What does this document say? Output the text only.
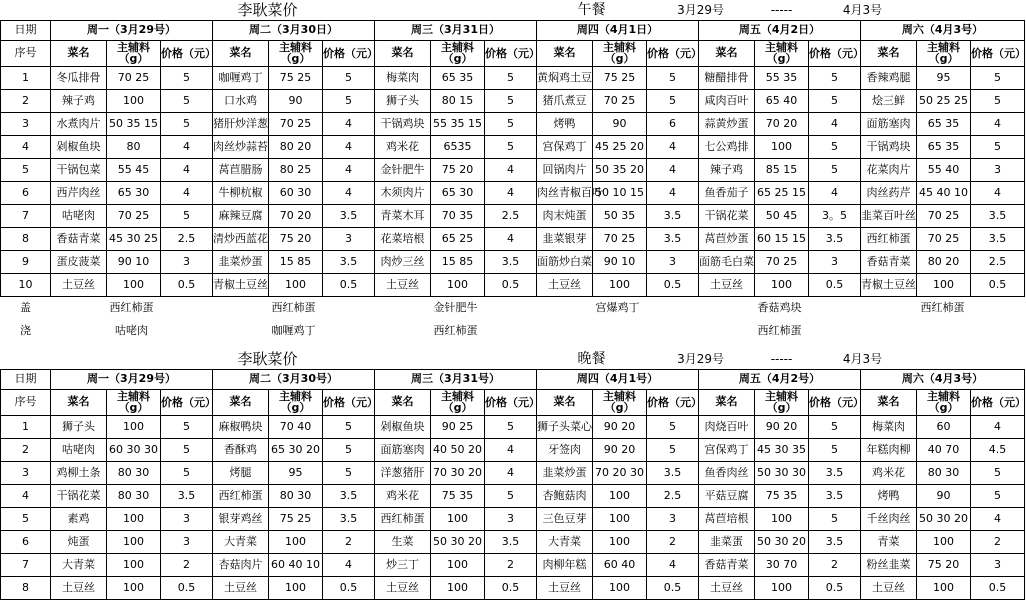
			李耿菜价							午餐		3月29号		-----	4月3号			
日期	周一（3月29号）			周二（3月30日）			周三（3月31日）			周四（4月1日）			周五（4月2日）			周六（4月3号）		
序号	菜名	主辅料（g）	价格（元）	菜名	主辅料（g）	价格（元）	菜名	主辅料（g）	价格（元）	菜名	主辅料（g）	价格（元）	菜名	主辅料（g）	价格（元）	菜名	主辅料（g）	价格（元）
1	冬瓜排骨	70 25	5	咖喱鸡丁	75 25	5	梅菜肉	65 35	5	黄焖鸡土豆	75 25	5	糖醋排骨	55 35	5	香辣鸡腿	95	5
2	辣子鸡	100	5	口水鸡	90	5	狮子头	80 15	5	猪爪煮豆	70 25	5	咸肉百叶	65 40	5	烩三鲜	50 25 25	5
3	水煮肉片	50 35 15	5	猪肝炒洋葱	70 25	4	干锅鸡块	55 35 15	5	烤鸭	90	6	蒜黄炒蛋	70 20	4	面筋塞肉	65 35	4
4	剁椒鱼块	80	4	肉丝炒蒜苔	80 20	4	鸡米花	6535	5	宫保鸡丁	45 25 20	4	七公鸡排	100	5	干锅鸡块	65 35	5
5	干锅包菜	55 45	4	莴苣腊肠	80 25	4	金针肥牛	75 20	4	回锅肉片	50 35 20	4	辣子鸡	85 15	5	花菜肉片	55 40	3
6	西芹肉丝	65 30	4	牛柳杭椒	60 30	4	木须肉片	65 30	4	肉丝青椒百叶	50 10 15	4	鱼香茄子	65 25 15	4	肉丝药芹	45 40 10	4
7	咕咾肉	70 25	5	麻辣豆腐	70 20	3.5	青菜木耳	70 35	2.5	肉末炖蛋	50 35	3.5	干锅花菜	50 45	3。5	韭菜百叶丝	70 25	3.5
8	香菇青菜	45 30 25	2.5	清炒西蓝花	75 20	3	花菜培根	65 25	4	韭菜银芽	70 25	3.5	莴苣炒蛋	60 15 15	3.5	西红柿蛋	70 25	3.5
9	蛋皮菠菜	90 10	3	韭菜炒蛋	15 85	3.5	肉炒三丝	15 85	3.5	面筋炒白菜	90 10	3	面筋毛白菜	70 25	3	香菇青菜	80 20	2.5
10	土豆丝	100	0.5	青椒土豆丝	100	0.5	土豆丝	100	0.5	土豆丝	100	0.5	土豆丝	100	0.5	青椒土豆丝	100	0.5
盖	西红柿蛋			西红柿蛋			金针肥牛			宫爆鸡丁			香菇鸡块			西红柿蛋		
浇	咕咾肉			咖喱鸡丁			西红柿蛋						西红柿蛋					
			李耿菜价							晚餐		3月29号		-----	4月3号			
日期	周一（3月29号）			周二（3月30号）			周三（3月31号）			周四（4月1号）			周五（4月2号）			周六（4月3号）		
序号	菜名	主辅料（g）	价格（元）	菜名	主辅料（g）	价格（元）	菜名	主辅料（g）	价格（元）	菜名	主辅料（g）	价格（元）	菜名	主辅料（g）	价格（元）	菜名	主辅料（g）	价格（元）
1	狮子头	100	5	麻椒鸭块	70 40	5	剁椒鱼块	90 25	5	狮子头菜心	90 20	5	肉烧百叶	90 20	5	梅菜肉	60	4
2	咕咾肉	60 30 30	5	香酥鸡	65 30 20	5	面筋塞肉	40 50 20	4	牙签肉	90 20	5	宫保鸡丁	45 30 35	5	年糕肉柳	40 70	4.5
3	鸡柳土条	80 30	5	烤腿	95	5	洋葱猪肝	70 30 20	4	韭菜炒蛋	70 20 30	3.5	鱼香肉丝	50 30 30	3.5	鸡米花	80 30	5
4	干锅花菜	80 30	3.5	西红柿蛋	80 30	3.5	鸡米花	75 35	5	杏鲍菇肉	100	2.5	平菇豆腐	75 35	3.5	烤鸭	90	5
5	素鸡	100	3	银芽鸡丝	75 25	3.5	西红柿蛋	100	3	三色豆芽	100	3	莴苣培根	100	5	千丝肉丝	50 30 20	4
6	炖蛋	100	3	大青菜	100	2	生菜	50 30 20	3.5	大青菜	100	2	韭菜蛋	50 30 20	3.5	青菜	100	2
7	大青菜	100	2	杏菇肉片	60 40 10	4	炒三丁	100	2	肉柳年糕	60 40	4	香菇青菜	30 70	2	粉丝韭菜	75 20	3
8	土豆丝	100	0.5	土豆丝	100	0.5	土豆丝	100	0.5	土豆丝	100	0.5	土豆丝	100	0.5	土豆丝	100	0.5
